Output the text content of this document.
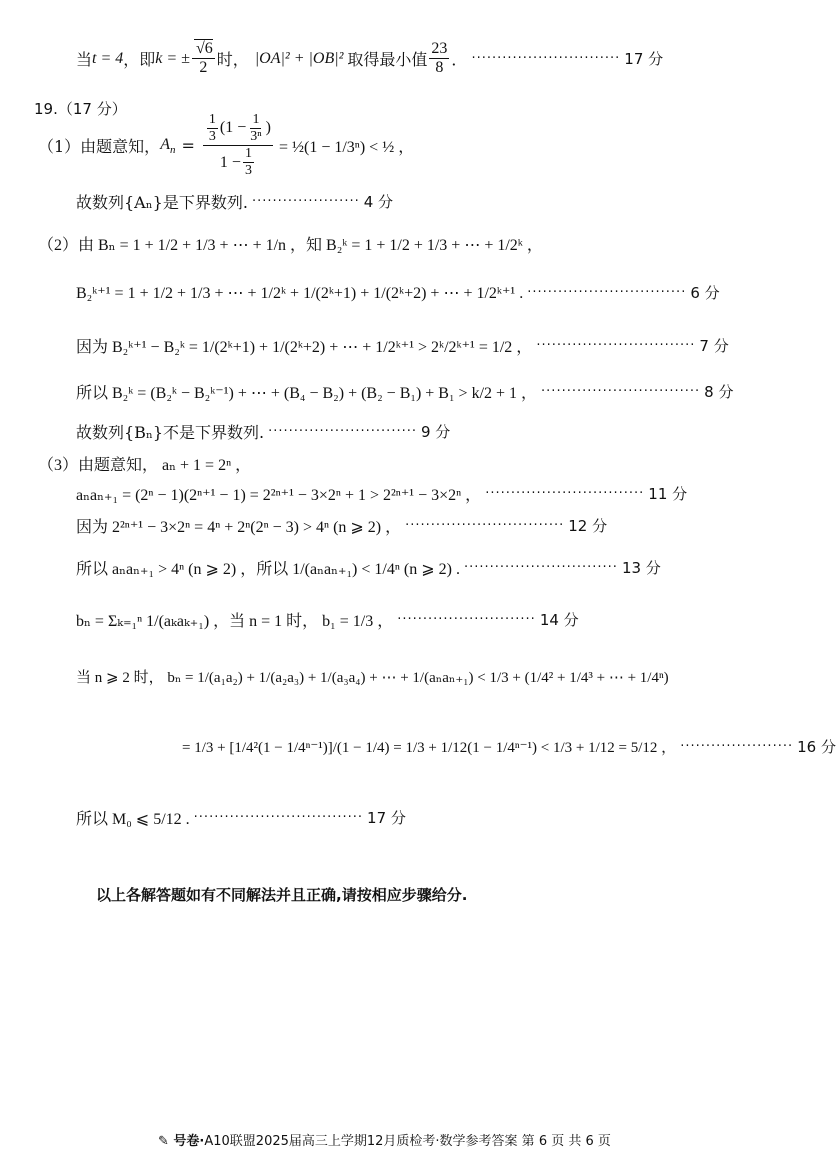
当 t = 4 ，即 k = ± $\frac{√6}{2}$ 时， |OA|² + |OB|² 取得最小值 $\frac{23}{8}$ ． ····························· 17 分
19.（17 分）
（1）由题意知， $A_n = \frac{\frac{1}{3} (1 - \frac{1}{\text{3ⁿ}} )}{1 - \frac{1}{3}}$ = ½(1 − 1/3ⁿ) < ½ ，
故数列{Aₙ}是下界数列. ····················· 4 分
（2）由 Bₙ = 1 + 1/2 + 1/3 + ⋯ + 1/n ，知 B₂ᵏ = 1 + 1/2 + 1/3 + ⋯ + 1/2ᵏ ，
B₂ᵏ⁺¹ = 1 + 1/2 + 1/3 + ⋯ + 1/2ᵏ + 1/(2ᵏ+1) + 1/(2ᵏ+2) + ⋯ + 1/2ᵏ⁺¹ . ······························· 6 分
因为 B₂ᵏ⁺¹ − B₂ᵏ = 1/(2ᵏ+1) + 1/(2ᵏ+2) + ⋯ + 1/2ᵏ⁺¹ > 2ᵏ/2ᵏ⁺¹ = 1/2 ， ······························· 7 分
所以 B₂ᵏ = (B₂ᵏ − B₂ᵏ⁻¹) + ⋯ + (B₄ − B₂) + (B₂ − B₁) + B₁ > k/2 + 1 ， ······························· 8 分
故数列{Bₙ}不是下界数列. ····························· 9 分
（3）由题意知， aₙ + 1 = 2ⁿ ，
aₙaₙ₊₁ = (2ⁿ − 1)(2ⁿ⁺¹ − 1) = 2²ⁿ⁺¹ − 3×2ⁿ + 1 > 2²ⁿ⁺¹ − 3×2ⁿ ， ······························· 11 分
因为 2²ⁿ⁺¹ − 3×2ⁿ = 4ⁿ + 2ⁿ(2ⁿ − 3) > 4ⁿ (n ⩾ 2) ， ······························· 12 分
所以 aₙaₙ₊₁ > 4ⁿ (n ⩾ 2) ，所以 1/(aₙaₙ₊₁) < 1/4ⁿ (n ⩾ 2) . ······························ 13 分
bₙ = Σₖ₌₁ⁿ 1/(aₖaₖ₊₁) ，当 n = 1 时， b₁ = 1/3 ， ··························· 14 分
当 n ⩾ 2 时， bₙ = 1/(a₁a₂) + 1/(a₂a₃) + 1/(a₃a₄) + ⋯ + 1/(aₙaₙ₊₁) < 1/3 + (1/4² + 1/4³ + ⋯ + 1/4ⁿ)
= 1/3 + [1/4²(1 − 1/4ⁿ⁻¹)]/(1 − 1/4) = 1/3 + 1/12(1 − 1/4ⁿ⁻¹) < 1/3 + 1/12 = 5/12 ， ······················ 16 分
所以 M₀ ⩽ 5/12 . ································· 17 分
以上各解答题如有不同解法并且正确,请按相应步骤给分.
✎ 号卷· A10联盟2025届高三上学期12月质检考·数学参考答案 第 6 页 共 6 页
